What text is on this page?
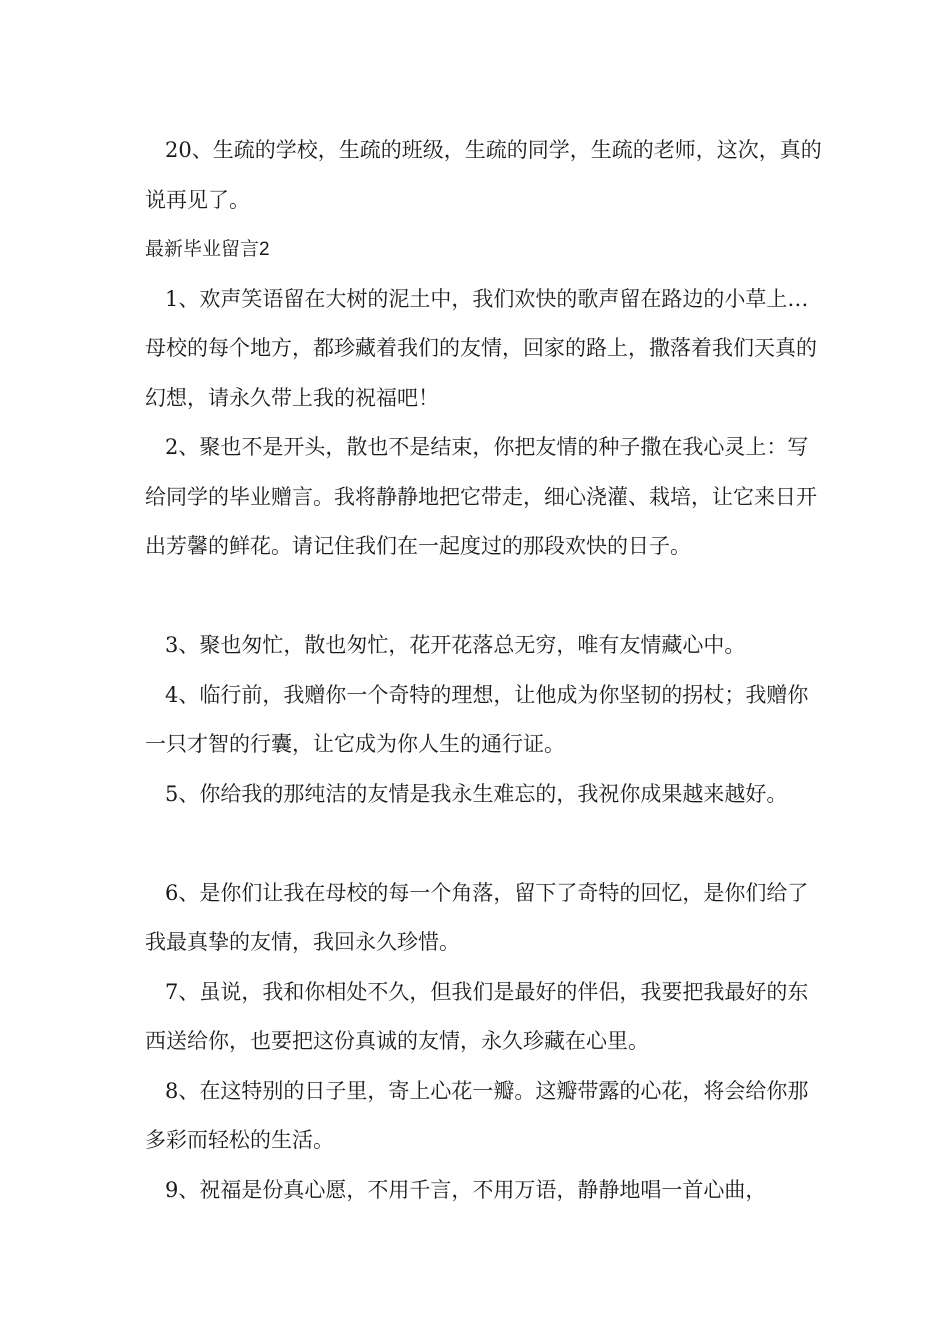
20、生疏的学校，生疏的班级，生疏的同学，生疏的老师，这次，真的说再见了。

最新毕业留言2

1、欢声笑语留在大树的泥土中，我们欢快的歌声留在路边的小草上…母校的每个地方，都珍藏着我们的友情，回家的路上，撒落着我们天真的幻想，请永久带上我的祝福吧！

2、聚也不是开头，散也不是结束，你把友情的种子撒在我心灵上：写给同学的毕业赠言。我将静静地把它带走，细心浇灌、栽培，让它来日开出芳馨的鲜花。请记住我们在一起度过的那段欢快的日子。

3、聚也匆忙，散也匆忙，花开花落总无穷，唯有友情藏心中。

4、临行前，我赠你一个奇特的理想，让他成为你坚韧的拐杖；我赠你一只才智的行囊，让它成为你人生的通行证。

5、你给我的那纯洁的友情是我永生难忘的，我祝你成果越来越好。

6、是你们让我在母校的每一个角落，留下了奇特的回忆，是你们给了我最真挚的友情，我回永久珍惜。

7、虽说，我和你相处不久，但我们是最好的伴侣，我要把我最好的东西送给你，也要把这份真诚的友情，永久珍藏在心里。

8、在这特别的日子里，寄上心花一瓣。这瓣带露的心花，将会给你那多彩而轻松的生活。

9、祝福是份真心愿，不用千言，不用万语，静静地唱一首心曲，
